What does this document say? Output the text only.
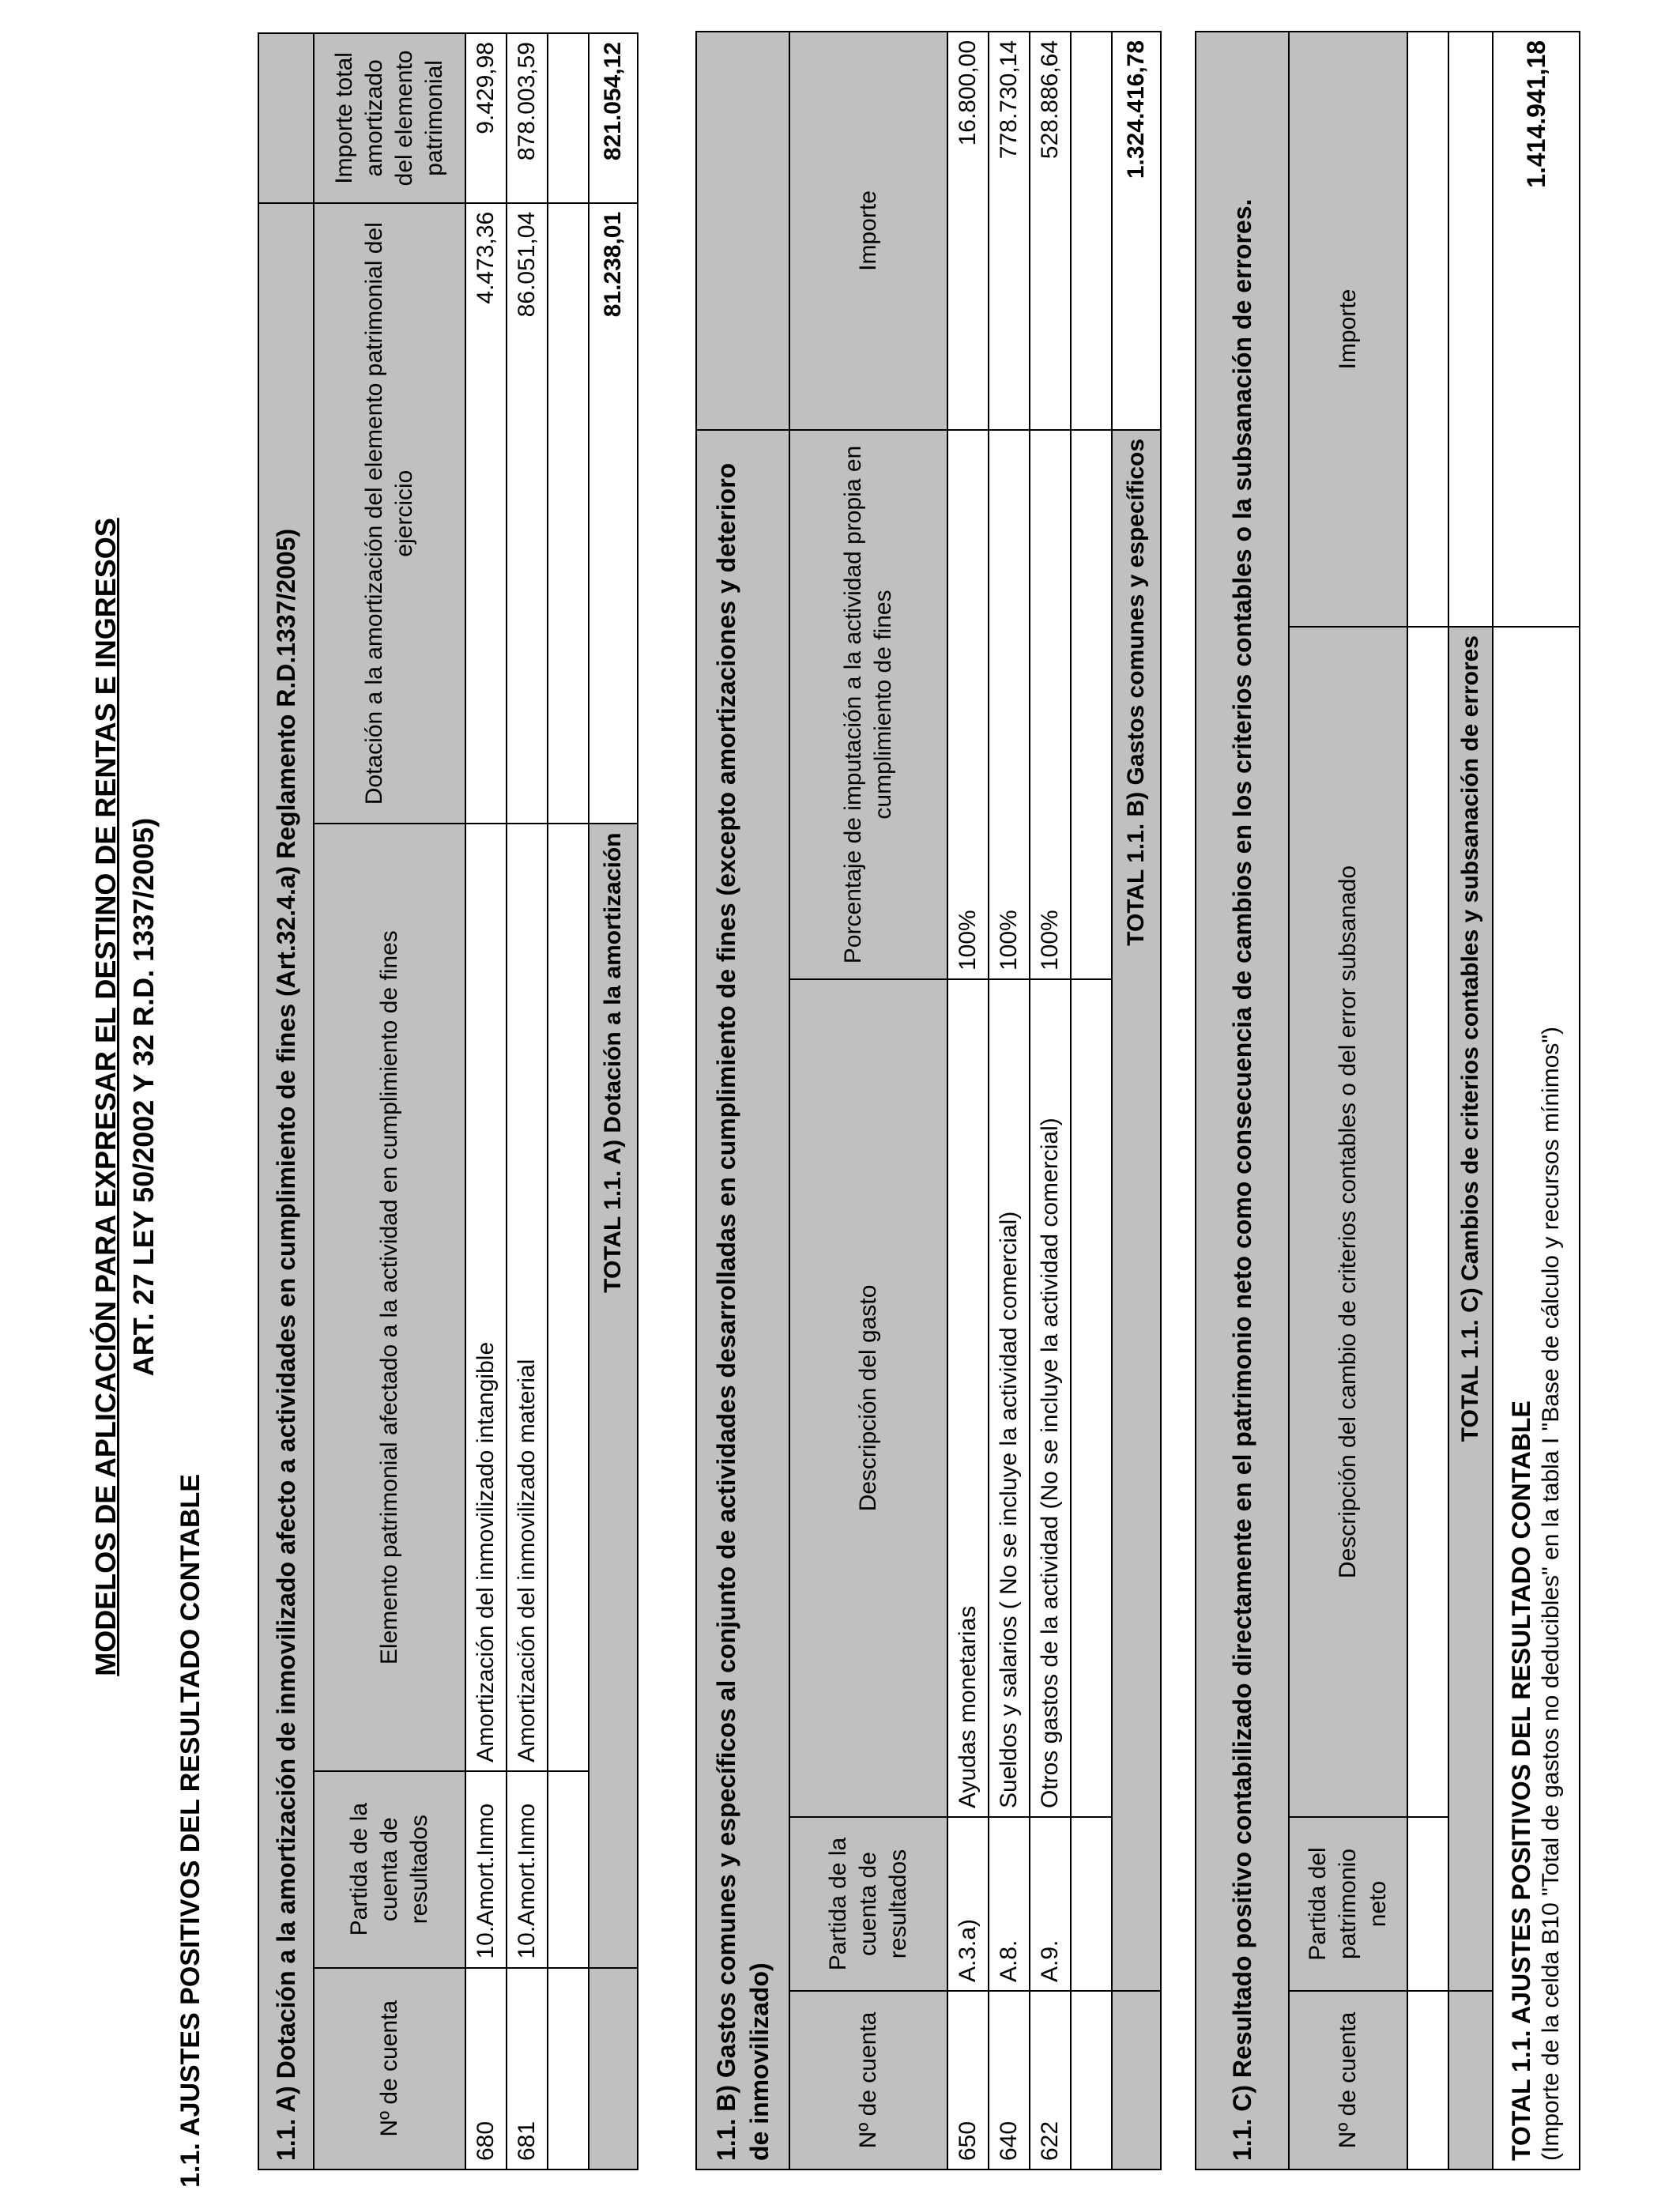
MODELOS DE APLICACIÓN PARA EXPRESAR EL DESTINO DE RENTAS E INGRESOS ART. 27 LEY 50/2002 Y 32 R.D. 1337/2005)
1.1. AJUSTES POSITIVOS DEL RESULTADO CONTABLE	1.1. A) Dotación a la amortización de inmovilizado afecto a actividades en cumplimiento de fines (Art.32.4.a) Reglamento R.D.1337/2005)				
Nº de cuenta	Partida de la cuenta de resultados	Elemento patrimonial afectado a la actividad en cumplimiento de fines	Dotación a la amortización del elemento patrimonial del ejercicio	Importe total amortizado del elemento patrimonial
680	10.Amort.Inmo	Amortización del inmovilizado intangible	4.473,36	9.429,98
681	10.Amort.Inmo	Amortización del inmovilizado material	86.051,04	878.003,59

	TOTAL 1.1. A) Dotación a la amortización		81.238,01	821.054,12
1.1. B) Gastos comunes y específicos al conjunto de actividades desarrolladas en cumplimiento de fines (excepto amortizaciones y deterioro de inmovilizado)				
Nº de cuenta	Partida de la cuenta de resultados	Descripción del gasto	Porcentaje de imputación a la actividad propia en cumplimiento de fines	Importe
650	A.3.a)	Ayudas monetarias	100%	16.800,00
640	A.8.	Sueldos y salarios ( No se incluye la actividad comercial)	100%	778.730,14
622	A.9.	Otros gastos de la actividad (No se incluye la actividad comercial)	100%	528.886,64

	TOTAL 1.1. B) Gastos comunes y específicos			1.324.416,78
1.1. C) Resultado positivo contabilizado directamente en el patrimonio neto como consecuencia de cambios en los criterios contables o la subsanación de errores.			
Nº de cuenta	Partida del patrimonio neto	Descripción del cambio de criterios contables o del error subsanado	Importe

	TOTAL 1.1. C) Cambios de criterios contables y subsanación de errores		

TOTAL 1.1. AJUSTES POSITIVOS DEL RESULTADO CONTABLE (Importe de la celda B10 "Total de gastos no deducibles" en la tabla I "Base de cálculo y recursos mínimos")			1.414.941,18
